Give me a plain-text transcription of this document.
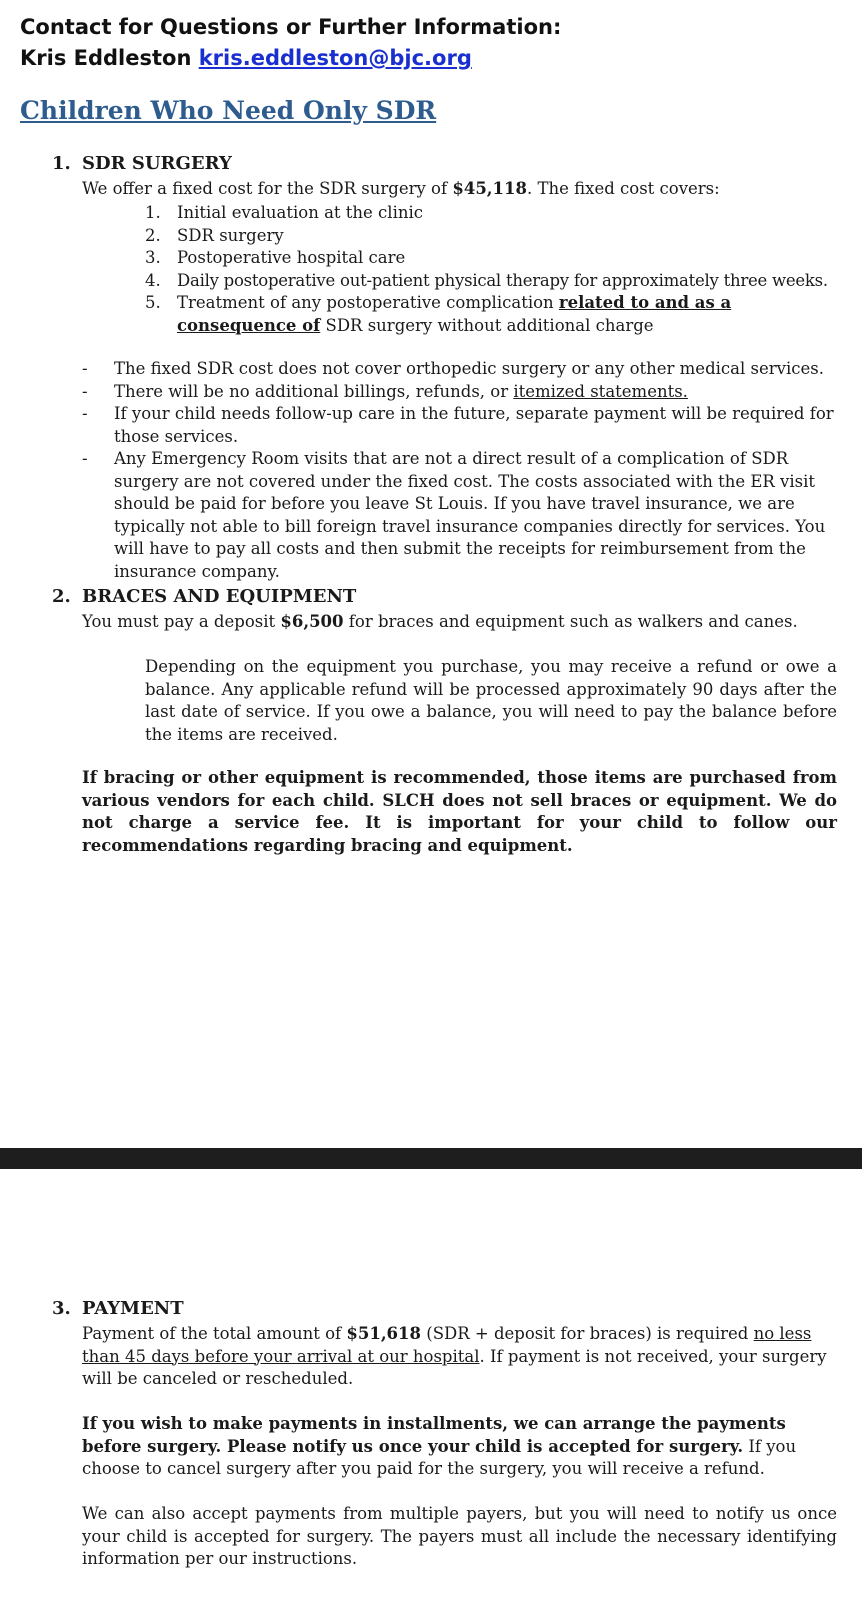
Contact for Questions or Further Information:
Kris Eddleston kris.eddleston@bjc.org
Children Who Need Only SDR
1. SDR SURGERY
We offer a fixed cost for the SDR surgery of $45,118. The fixed cost covers:
1. Initial evaluation at the clinic
2. SDR surgery
3. Postoperative hospital care
4. Daily postoperative out-patient physical therapy for approximately three weeks.
5. Treatment of any postoperative complication related to and as a consequence of SDR surgery without additional charge
- The fixed SDR cost does not cover orthopedic surgery or any other medical services.
- There will be no additional billings, refunds, or itemized statements.
- If your child needs follow-up care in the future, separate payment will be required for those services.
- Any Emergency Room visits that are not a direct result of a complication of SDR surgery are not covered under the fixed cost. The costs associated with the ER visit should be paid for before you leave St Louis. If you have travel insurance, we are typically not able to bill foreign travel insurance companies directly for services. You will have to pay all costs and then submit the receipts for reimbursement from the insurance company.
2. BRACES AND EQUIPMENT
You must pay a deposit $6,500 for braces and equipment such as walkers and canes.
Depending on the equipment you purchase, you may receive a refund or owe a balance. Any applicable refund will be processed approximately 90 days after the last date of service. If you owe a balance, you will need to pay the balance before the items are received.
If bracing or other equipment is recommended, those items are purchased from various vendors for each child. SLCH does not sell braces or equipment. We do not charge a service fee. It is important for your child to follow our recommendations regarding bracing and equipment.
3. PAYMENT
Payment of the total amount of $51,618 (SDR + deposit for braces) is required no less than 45 days before your arrival at our hospital. If payment is not received, your surgery will be canceled or rescheduled.
If you wish to make payments in installments, we can arrange the payments before surgery. Please notify us once your child is accepted for surgery. If you choose to cancel surgery after you paid for the surgery, you will receive a refund.
We can also accept payments from multiple payers, but you will need to notify us once your child is accepted for surgery. The payers must all include the necessary identifying information per our instructions.
